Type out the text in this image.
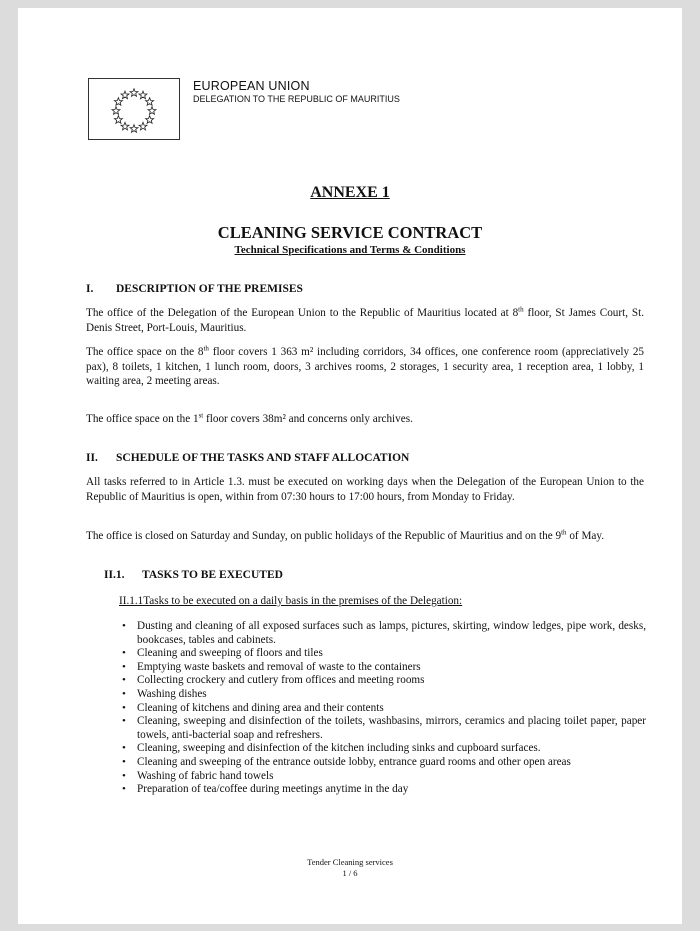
EUROPEAN UNION
DELEGATION TO THE REPUBLIC OF MAURITIUS
ANNEXE 1
CLEANING SERVICE CONTRACT
Technical Specifications and Terms & Conditions
I. DESCRIPTION OF THE PREMISES
The office of the Delegation of the European Union to the Republic of Mauritius located at 8th floor, St James Court, St. Denis Street, Port-Louis, Mauritius.
The office space on the 8th floor covers 1 363 m² including corridors, 34 offices, one conference room (appreciatively 25 pax), 8 toilets, 1 kitchen, 1 lunch room, doors, 3 archives rooms, 2 storages, 1 security area, 1 reception area, 1 lobby, 1 waiting area, 2 meeting areas.
The office space on the 1st floor covers 38m² and concerns only archives.
II. SCHEDULE OF THE TASKS AND STAFF ALLOCATION
All tasks referred to in Article 1.3. must be executed on working days when the Delegation of the European Union to the Republic of Mauritius is open, within from 07:30 hours to 17:00 hours, from Monday to Friday.
The office is closed on Saturday and Sunday, on public holidays of the Republic of Mauritius and on the 9th of May.
II.1. TASKS TO BE EXECUTED
II.1.1Tasks to be executed on a daily basis in the premises of the Delegation:
• Dusting and cleaning of all exposed surfaces such as lamps, pictures, skirting, window ledges, pipe work, desks, bookcases, tables and cabinets.
• Cleaning and sweeping of floors and tiles
• Emptying waste baskets and removal of waste to the containers
• Collecting crockery and cutlery from offices and meeting rooms
• Washing dishes
• Cleaning of kitchens and dining area and their contents
• Cleaning, sweeping and disinfection of the toilets, washbasins, mirrors, ceramics and placing toilet paper, paper towels, anti-bacterial soap and refreshers.
• Cleaning, sweeping and disinfection of the kitchen including sinks and cupboard surfaces.
• Cleaning and sweeping of the entrance outside lobby, entrance guard rooms and other open areas
• Washing of fabric hand towels
• Preparation of tea/coffee during meetings anytime in the day
Tender Cleaning services
1 / 6
